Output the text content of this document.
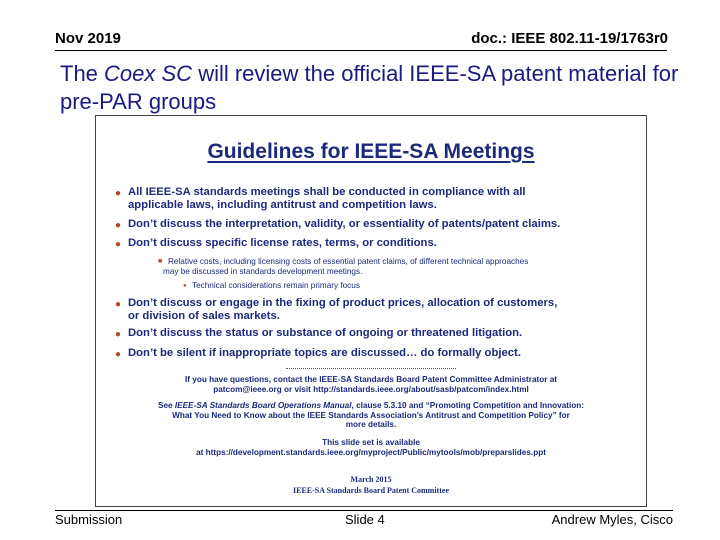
Nov 2019	doc.: IEEE 802.11-19/1763r0
The Coex SC will review the official IEEE-SA patent material for pre-PAR groups
Guidelines for IEEE-SA Meetings
● All IEEE-SA standards meetings shall be conducted in compliance with all
applicable laws, including antitrust and competition laws.
● Don’t discuss the interpretation, validity, or essentiality of patents/patent claims.
● Don’t discuss specific license rates, terms, or conditions.
■ Relative costs, including licensing costs of essential patent claims, of different technical approaches
may be discussed in standards development meetings.
● Technical considerations remain primary focus
● Don’t discuss or engage in the fixing of product prices, allocation of customers,
or division of sales markets.
● Don’t discuss the status or substance of ongoing or threatened litigation.
● Don’t be silent if inappropriate topics are discussed… do formally object.
If you have questions, contact the IEEE-SA Standards Board Patent Committee Administrator at
patcom@ieee.org or visit http://standards.ieee.org/about/sasb/patcom/index.html
See IEEE-SA Standards Board Operations Manual, clause 5.3.10 and “Promoting Competition and Innovation:
What You Need to Know about the IEEE Standards Association’s Antitrust and Competition Policy” for
more details.
This slide set is available
at https://development.standards.ieee.org/myproject/Public/mytools/mob/preparslides.ppt
March 2015
IEEE-SA Standards Board Patent Committee
Submission	Slide 4	Andrew Myles, Cisco
